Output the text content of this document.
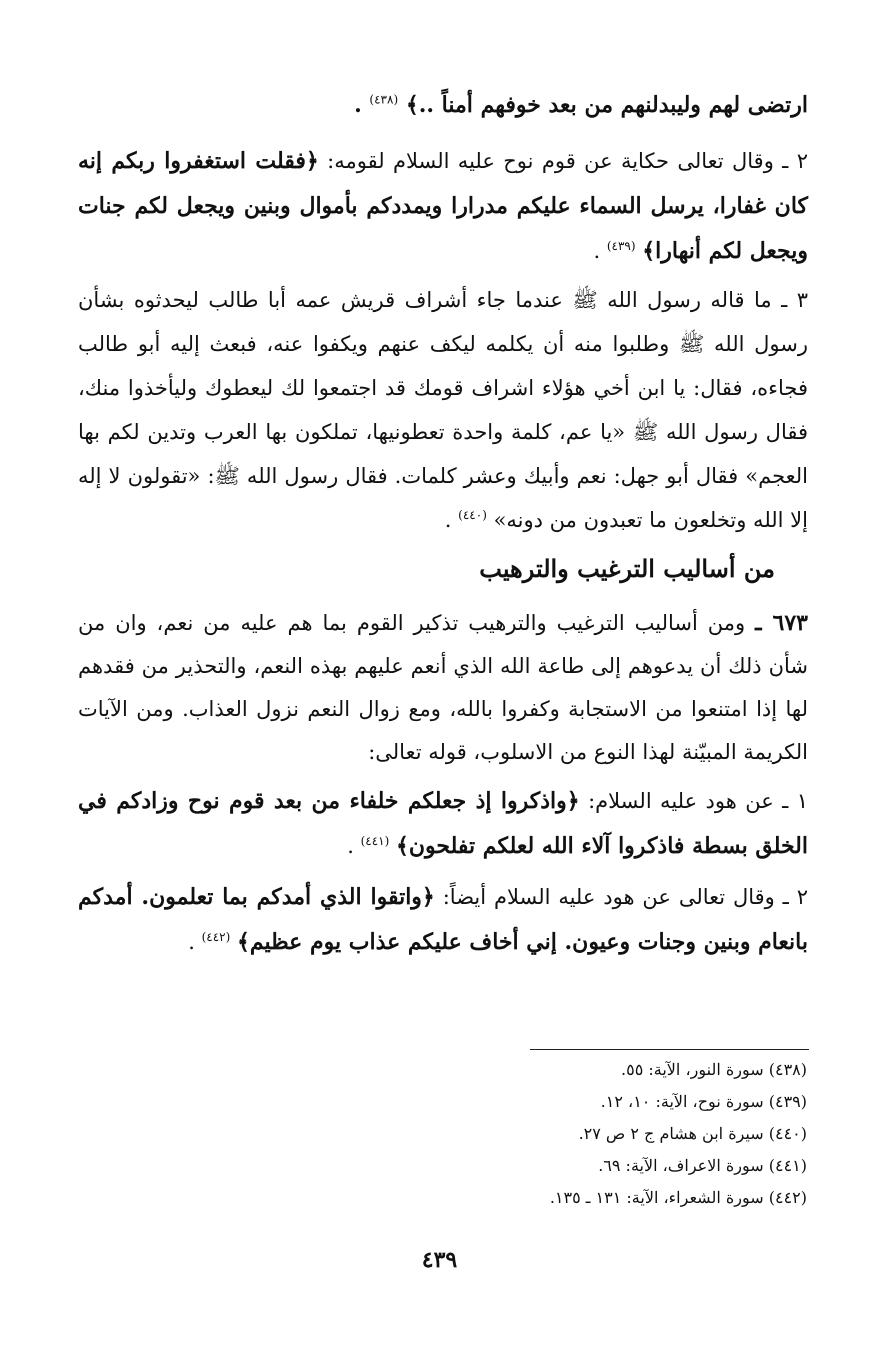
ارتضى لهم وليبدلنهم من بعد خوفهم أمناً ..﴾ $^{(٤٣٨)}$ .

٢ ـ وقال تعالى حكاية عن قوم نوح عليه السلام لقومه: ﴿فقلت استغفروا ربكم إنه كان غفارا، يرسل السماء عليكم مدرارا ويمددكم بأموال وبنين ويجعل لكم جنات ويجعل لكم أنهارا﴾ $^{(٤٣٩)}$ .

٣ ـ ما قاله رسول الله ﷺ عندما جاء أشراف قريش عمه أبا طالب ليحدثوه بشأن رسول الله ﷺ وطلبوا منه أن يكلمه ليكف عنهم ويكفوا عنه، فبعث إليه أبو طالب فجاءه، فقال: يا ابن أخي هؤلاء اشراف قومك قد اجتمعوا لك ليعطوك وليأخذوا منك، فقال رسول الله ﷺ «يا عم، كلمة واحدة تعطونيها، تملكون بها العرب وتدين لكم بها العجم» فقال أبو جهل: نعم وأبيك وعشر كلمات. فقال رسول الله ﷺ: «تقولون لا إله إلا الله وتخلعون ما تعبدون من دونه» $^{(٤٤٠)}$ .

من أساليب الترغيب والترهيب

٦٧٣ ـ ومن أساليب الترغيب والترهيب تذكير القوم بما هم عليه من نعم، وان من شأن ذلك أن يدعوهم إلى طاعة الله الذي أنعم عليهم بهذه النعم، والتحذير من فقدهم لها إذا امتنعوا من الاستجابة وكفروا بالله، ومع زوال النعم نزول العذاب. ومن الآيات الكريمة المبيّنة لهذا النوع من الاسلوب، قوله تعالى:

١ ـ عن هود عليه السلام: ﴿واذكروا إذ جعلكم خلفاء من بعد قوم نوح وزادكم في الخلق بسطة فاذكروا آلاء الله لعلكم تفلحون﴾ $^{(٤٤١)}$ .

٢ ـ وقال تعالى عن هود عليه السلام أيضاً: ﴿واتقوا الذي أمدكم بما تعلمون. أمدكم بانعام وبنين وجنات وعيون. إني أخاف عليكم عذاب يوم عظيم﴾ $^{(٤٤٢)}$ .

(٤٣٨) سورة النور، الآية: ٥٥.
(٤٣٩) سورة نوح، الآية: ١٠، ١٢.
(٤٤٠) سيرة ابن هشام ج ٢ ص ٢٧.
(٤٤١) سورة الاعراف، الآية: ٦٩.
(٤٤٢) سورة الشعراء، الآية: ١٣١ ـ ١٣٥.
٤٣٩
